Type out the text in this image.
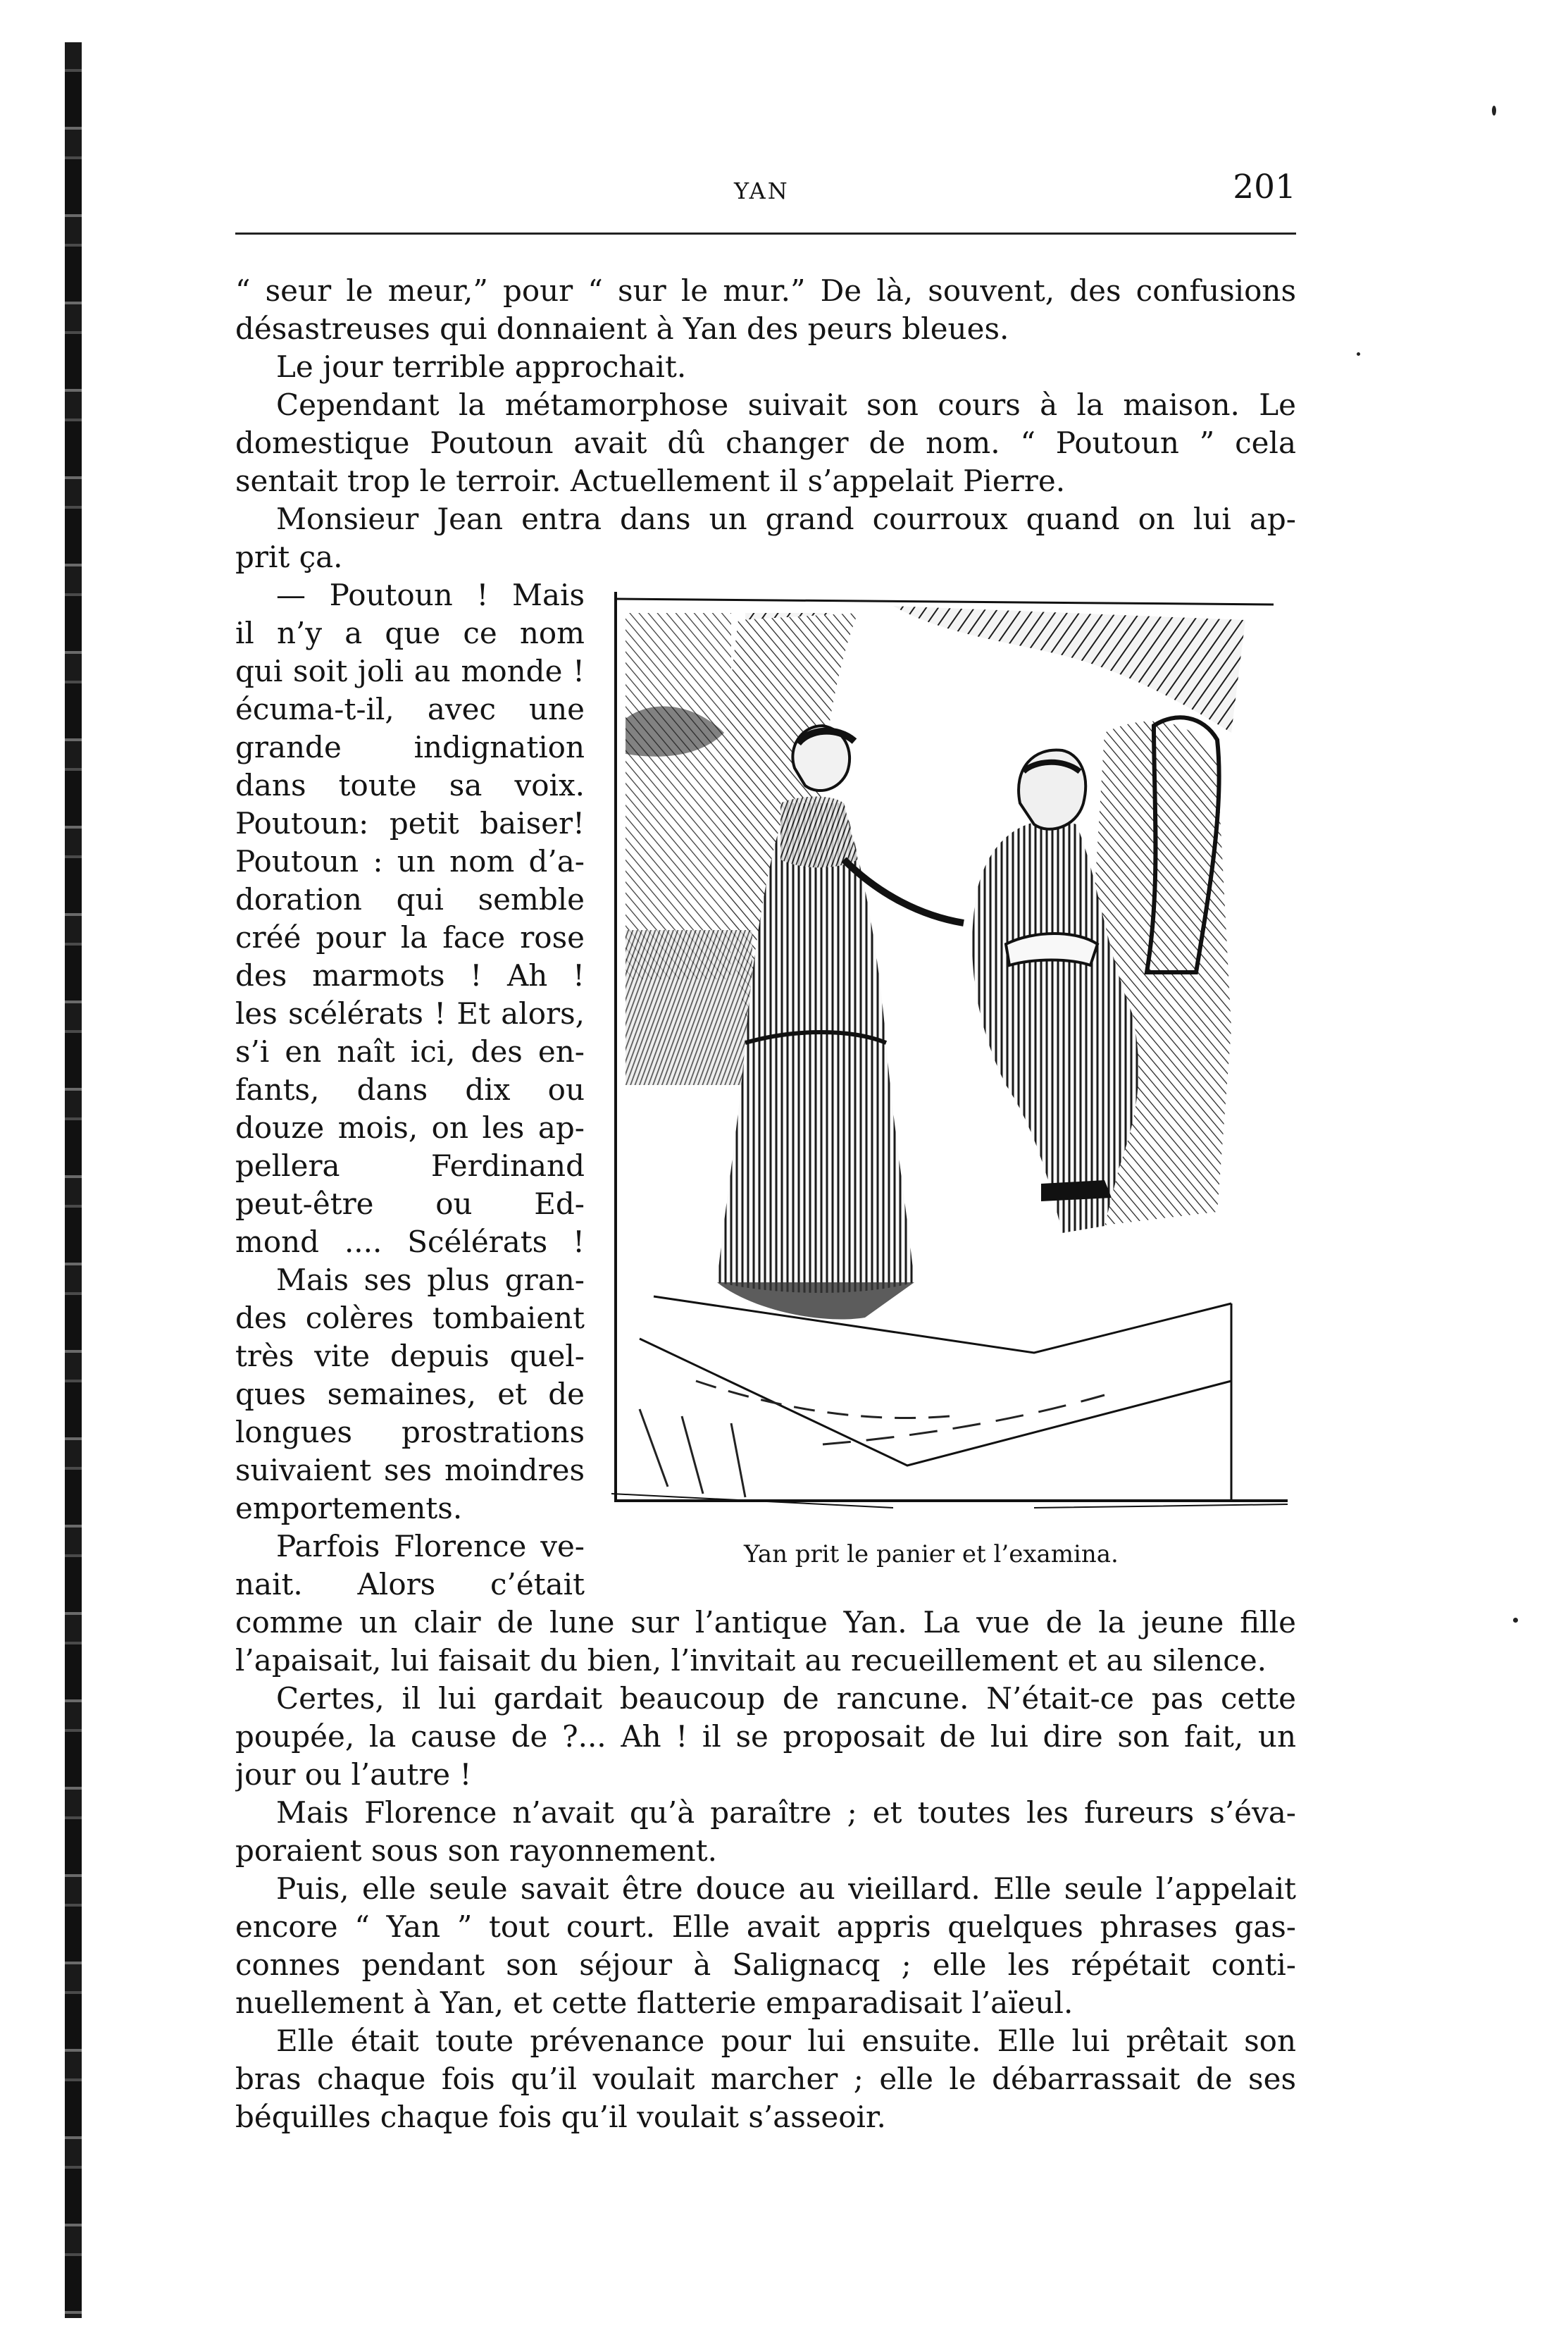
YAN	201

“ seur le meur,” pour “ sur le mur.” De là, souvent, des confusions
désastreuses qui donnaient à Yan des peurs bleues.

Le jour terrible approchait.

Cependant la métamorphose suivait son cours à la maison. Le
domestique Poutoun avait dû changer de nom. “ Poutoun ” cela
sentait trop le terroir. Actuellement il s’appelait Pierre.

Monsieur Jean entra dans un grand courroux quand on lui ap-
prit ça.

— Poutoun ! Mais
il n’y a que ce nom
qui soit joli au monde !
écuma-t-il, avec une
grande indignation
dans toute sa voix.
Poutoun: petit baiser!
Poutoun : un nom d’a-
doration qui semble
créé pour la face rose
des marmots ! Ah !
les scélérats ! Et alors,
s’i en naît ici, des en-
fants, dans dix ou
douze mois, on les ap-
pellera Ferdinand
peut-être ou Ed-
mond .... Scélérats !

Mais ses plus gran-
des colères tombaient
très vite depuis quel-
ques semaines, et de
longues prostrations
suivaient ses moindres
emportements.

Parfois Florence ve-
nait. Alors c’était

Yan prit le panier et l’examina.

comme un clair de lune sur l’antique Yan. La vue de la jeune fille
l’apaisait, lui faisait du bien, l’invitait au recueillement et au silence.

Certes, il lui gardait beaucoup de rancune. N’était-ce pas cette
poupée, la cause de ?... Ah ! il se proposait de lui dire son fait, un
jour ou l’autre !

Mais Florence n’avait qu’à paraître ; et toutes les fureurs s’éva-
poraient sous son rayonnement.

Puis, elle seule savait être douce au vieillard. Elle seule l’appelait
encore “ Yan ” tout court. Elle avait appris quelques phrases gas-
connes pendant son séjour à Salignacq ; elle les répétait conti-
nuellement à Yan, et cette flatterie emparadisait l’aïeul.

Elle était toute prévenance pour lui ensuite. Elle lui prêtait son
bras chaque fois qu’il voulait marcher ; elle le débarrassait de ses
béquilles chaque fois qu’il voulait s’asseoir.
